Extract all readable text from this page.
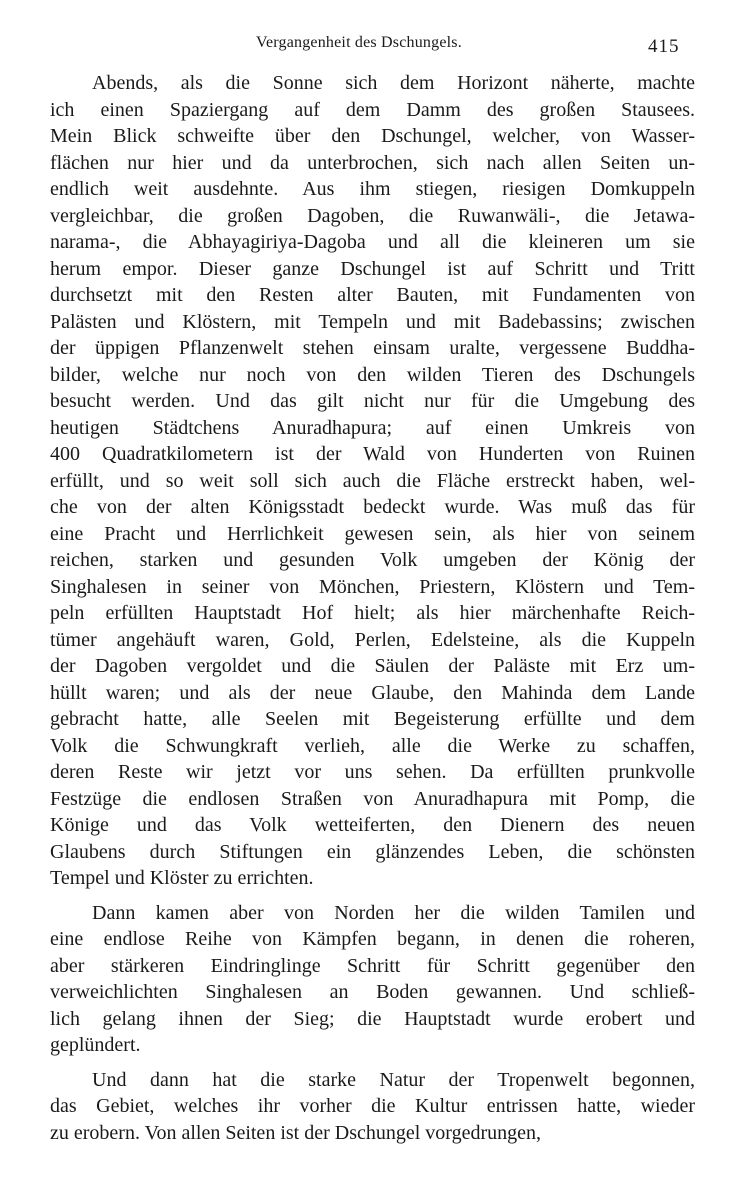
Vergangenheit des Dschungels.	415
Abends, als die Sonne sich dem Horizont näherte, machte
ich einen Spaziergang auf dem Damm des großen Stausees.
Mein Blick schweifte über den Dschungel, welcher, von Wasser-
flächen nur hier und da unterbrochen, sich nach allen Seiten un-
endlich weit ausdehnte. Aus ihm stiegen, riesigen Domkuppeln
vergleichbar, die großen Dagoben, die Ruwanwäli-, die Jetawa-
narama-, die Abhayagiriya-Dagoba und all die kleineren um sie
herum empor. Dieser ganze Dschungel ist auf Schritt und Tritt
durchsetzt mit den Resten alter Bauten, mit Fundamenten von
Palästen und Klöstern, mit Tempeln und mit Badebassins; zwischen
der üppigen Pflanzenwelt stehen einsam uralte, vergessene Buddha-
bilder, welche nur noch von den wilden Tieren des Dschungels
besucht werden. Und das gilt nicht nur für die Umgebung des
heutigen Städtchens Anuradhapura; auf einen Umkreis von
400 Quadratkilometern ist der Wald von Hunderten von Ruinen
erfüllt, und so weit soll sich auch die Fläche erstreckt haben, wel-
che von der alten Königsstadt bedeckt wurde. Was muß das für
eine Pracht und Herrlichkeit gewesen sein, als hier von seinem
reichen, starken und gesunden Volk umgeben der König der
Singhalesen in seiner von Mönchen, Priestern, Klöstern und Tem-
peln erfüllten Hauptstadt Hof hielt; als hier märchenhafte Reich-
tümer angehäuft waren, Gold, Perlen, Edelsteine, als die Kuppeln
der Dagoben vergoldet und die Säulen der Paläste mit Erz um-
hüllt waren; und als der neue Glaube, den Mahinda dem Lande
gebracht hatte, alle Seelen mit Begeisterung erfüllte und dem
Volk die Schwungkraft verlieh, alle die Werke zu schaffen,
deren Reste wir jetzt vor uns sehen. Da erfüllten prunkvolle
Festzüge die endlosen Straßen von Anuradhapura mit Pomp, die
Könige und das Volk wetteiferten, den Dienern des neuen
Glaubens durch Stiftungen ein glänzendes Leben, die schönsten
Tempel und Klöster zu errichten.
Dann kamen aber von Norden her die wilden Tamilen und
eine endlose Reihe von Kämpfen begann, in denen die roheren,
aber stärkeren Eindringlinge Schritt für Schritt gegenüber den
verweichlichten Singhalesen an Boden gewannen. Und schließ-
lich gelang ihnen der Sieg; die Hauptstadt wurde erobert und
geplündert.
Und dann hat die starke Natur der Tropenwelt begonnen,
das Gebiet, welches ihr vorher die Kultur entrissen hatte, wieder
zu erobern. Von allen Seiten ist der Dschungel vorgedrungen,
